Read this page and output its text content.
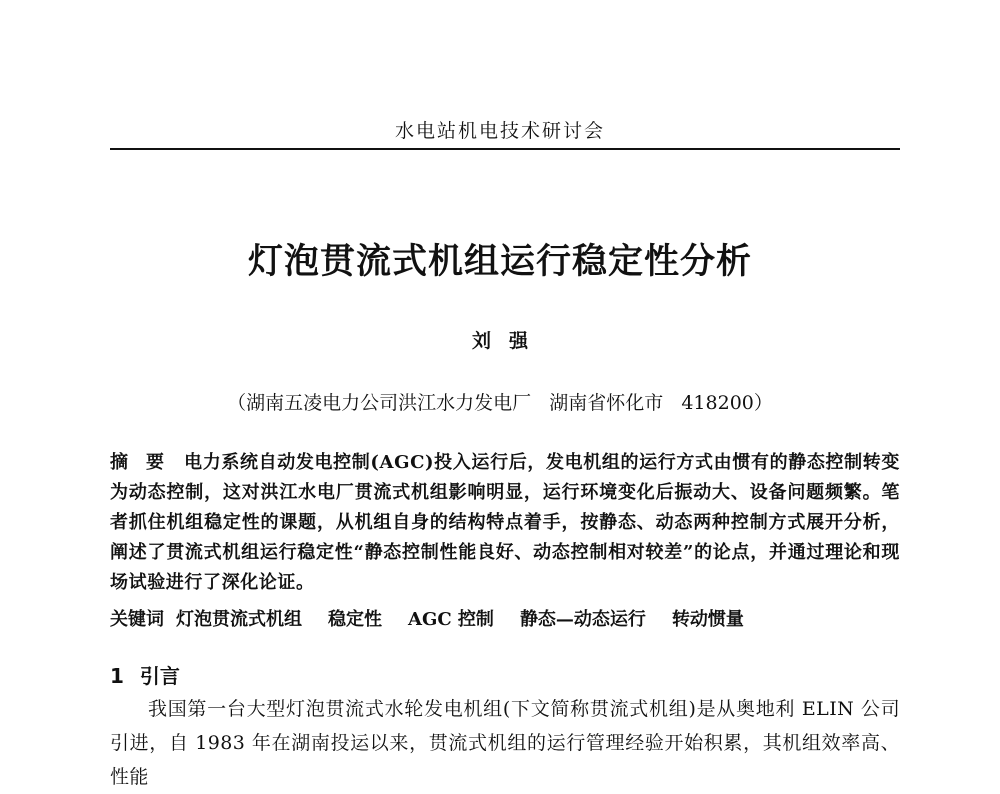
水电站机电技术研讨会
灯泡贯流式机组运行稳定性分析
刘强
（湖南五凌电力公司洪江水力发电厂   湖南省怀化市   418200）
摘要 电力系统自动发电控制(AGC)投入运行后，发电机组的运行方式由惯有的静态控制转变为动态控制，这对洪江水电厂贯流式机组影响明显，运行环境变化后振动大、设备问题频繁。笔者抓住机组稳定性的课题，从机组自身的结构特点着手，按静态、动态两种控制方式展开分析，阐述了贯流式机组运行稳定性“静态控制性能良好、动态控制相对较差”的论点，并通过理论和现场试验进行了深化论证。
关键词 灯泡贯流式机组 稳定性 AGC 控制 静态—动态运行 转动惯量
1 引言
我国第一台大型灯泡贯流式水轮发电机组(下文简称贯流式机组)是从奥地利 ELIN 公司引进，自 1983 年在湖南投运以来，贯流式机组的运行管理经验开始积累，其机组效率高、性能
